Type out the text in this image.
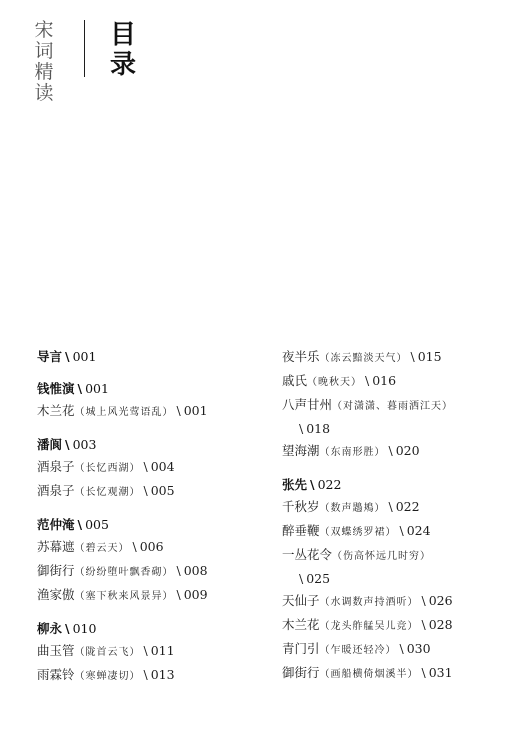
宋
词
精
读
目
录
导言 \ 001
钱惟演 \ 001
木兰花（城上风光莺语乱） \ 001
潘阆 \ 003
酒泉子（长忆西湖） \ 004
酒泉子（长忆观潮） \ 005
范仲淹 \ 005
苏幕遮（碧云天） \ 006
御街行（纷纷堕叶飘香砌） \ 008
渔家傲（塞下秋来风景异） \ 009
柳永 \ 010
曲玉管（陇首云飞） \ 011
雨霖铃（寒蝉凄切） \ 013
夜半乐（冻云黯淡天气） \ 015
戚氏（晚秋天） \ 016
八声甘州（对潇潇、暮雨洒江天）
\ 018
望海潮（东南形胜） \ 020
张先 \ 022
千秋岁（数声鶗鴂） \ 022
醉垂鞭（双蝶绣罗裙） \ 024
一丛花令（伤高怀远几时穷）
\ 025
天仙子（水调数声持酒听） \ 026
木兰花（龙头舴艋吴儿竞） \ 028
青门引（乍暖还轻冷） \ 030
御街行（画船横倚烟溪半） \ 031
